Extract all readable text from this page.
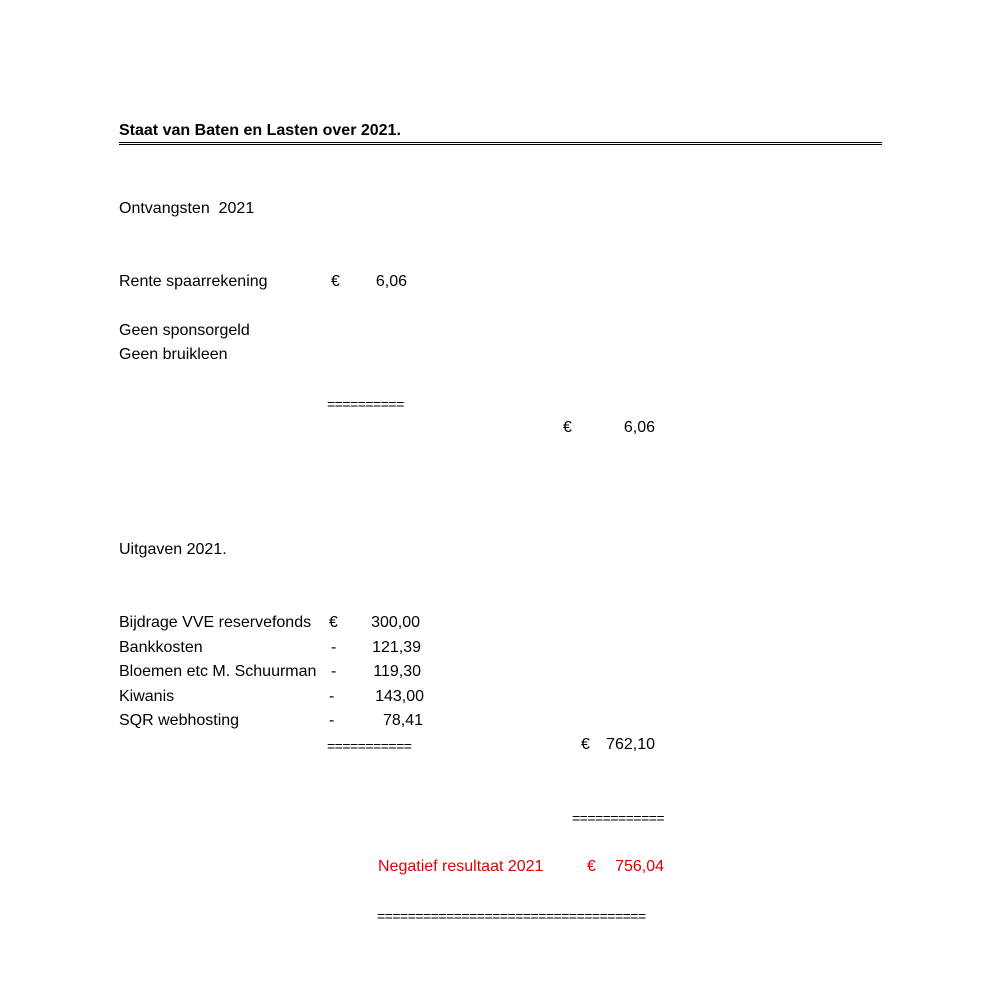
Staat van Baten en Lasten over 2021.
Ontvangsten  2021
Rente spaarrekening	€	6,06
Geen sponsorgeld
Geen bruikleen
==========
€	6,06
Uitgaven 2021.
Bijdrage VVE reservefonds €	300,00
Bankkosten	-	121,39
Bloemen etc M. Schuurman -	119,30
Kiwanis	-	143,00
SQR webhosting	-	78,41
===========	€	762,10
============
Negatief resultaat 2021	€	756,04
===================================
